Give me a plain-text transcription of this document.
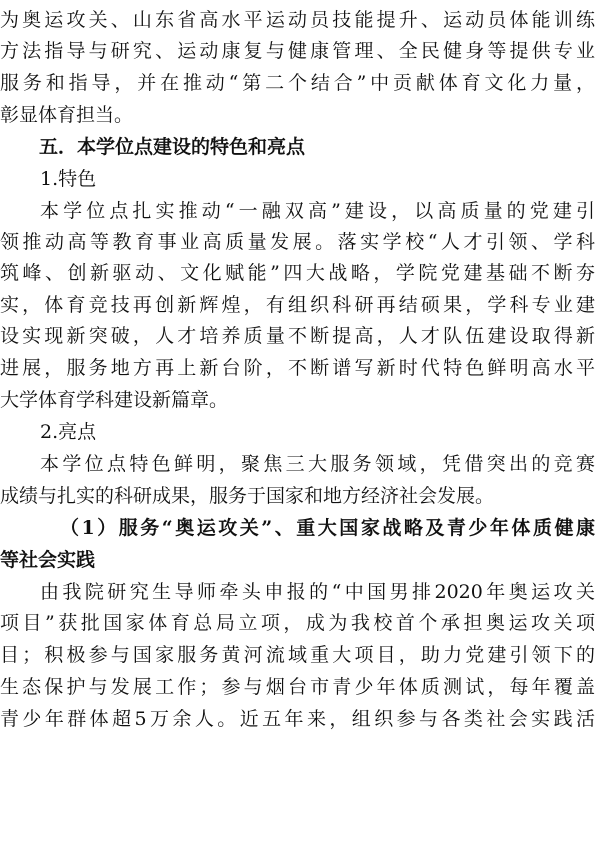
为奥运攻关、山东省高水平运动员技能提升、运动员体能训练
方法指导与研究、运动康复与健康管理、全民健身等提供专业
服务和指导，并在推动“第二个结合”中贡献体育文化力量，
彰显体育担当。
五．本学位点建设的特色和亮点
1.特色
本学位点扎实推动“一融双高”建设，以高质量的党建引
领推动高等教育事业高质量发展。落实学校“人才引领、学科
筑峰、创新驱动、文化赋能”四大战略，学院党建基础不断夯
实，体育竞技再创新辉煌，有组织科研再结硕果，学科专业建
设实现新突破，人才培养质量不断提高，人才队伍建设取得新
进展，服务地方再上新台阶，不断谱写新时代特色鲜明高水平
大学体育学科建设新篇章。
2.亮点
本学位点特色鲜明，聚焦三大服务领域，凭借突出的竞赛
成绩与扎实的科研成果，服务于国家和地方经济社会发展。
（1）服务“奥运攻关”、重大国家战略及青少年体质健康
等社会实践
由我院研究生导师牵头申报的“中国男排2020年奥运攻关
项目”获批国家体育总局立项，成为我校首个承担奥运攻关项
目；积极参与国家服务黄河流域重大项目，助力党建引领下的
生态保护与发展工作；参与烟台市青少年体质测试，每年覆盖
青少年群体超5万余人。近五年来，组织参与各类社会实践活
